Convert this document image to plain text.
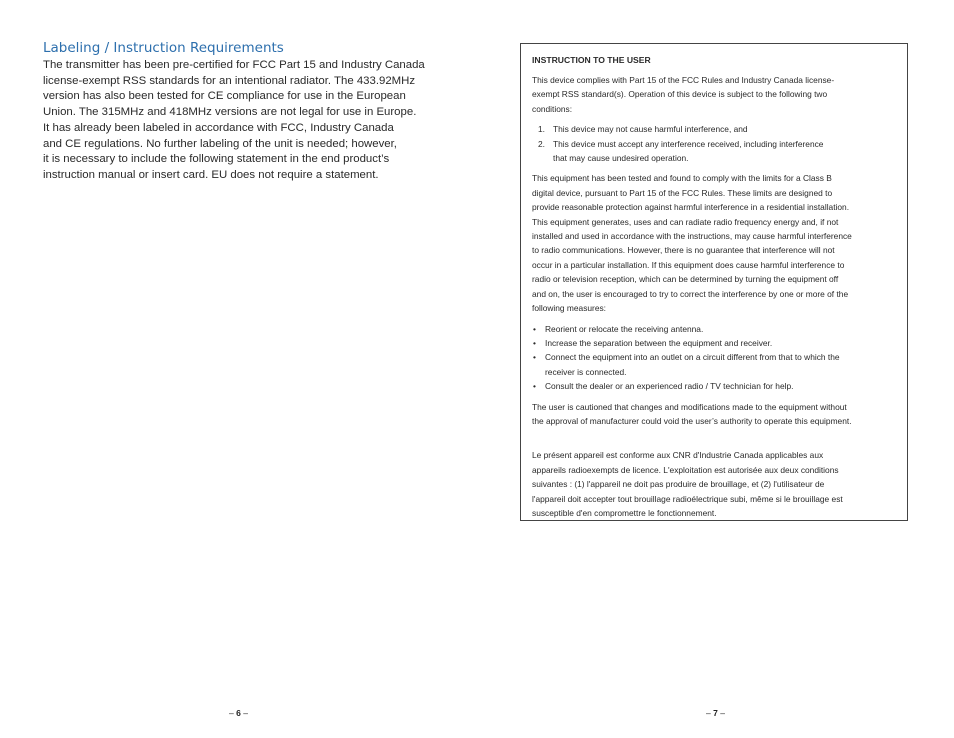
Labeling / Instruction Requirements
The transmitter has been pre-certified for FCC Part 15 and Industry Canada
license-exempt RSS standards for an intentional radiator. The 433.92MHz
version has also been tested for CE compliance for use in the European
Union. The 315MHz and 418MHz versions are not legal for use in Europe.
It has already been labeled in accordance with FCC, Industry Canada
and CE regulations. No further labeling of the unit is needed; however,
it is necessary to include the following statement in the end product’s
instruction manual or insert card. EU does not require a statement.
– 6 –
INSTRUCTION TO THE USER
This device complies with Part 15 of the FCC Rules and Industry Canada license-
exempt RSS standard(s). Operation of this device is subject to the following two
conditions:
1. This device may not cause harmful interference, and
2. This device must accept any interference received, including interference
that may cause undesired operation.
This equipment has been tested and found to comply with the limits for a Class B
digital device, pursuant to Part 15 of the FCC Rules. These limits are designed to
provide reasonable protection against harmful interference in a residential installation.
This equipment generates, uses and can radiate radio frequency energy and, if not
installed and used in accordance with the instructions, may cause harmful interference
to radio communications. However, there is no guarantee that interference will not
occur in a particular installation. If this equipment does cause harmful interference to
radio or television reception, which can be determined by turning the equipment off
and on, the user is encouraged to try to correct the interference by one or more of the
following measures:
• Reorient or relocate the receiving antenna.
• Increase the separation between the equipment and receiver.
• Connect the equipment into an outlet on a circuit different from that to which the
receiver is connected.
• Consult the dealer or an experienced radio / TV technician for help.
The user is cautioned that changes and modifications made to the equipment without
the approval of manufacturer could void the user’s authority to operate this equipment.
Le présent appareil est conforme aux CNR d'Industrie Canada applicables aux
appareils radioexempts de licence. L'exploitation est autorisée aux deux conditions
suivantes : (1) l'appareil ne doit pas produire de brouillage, et (2) l'utilisateur de
l'appareil doit accepter tout brouillage radioélectrique subi, même si le brouillage est
susceptible d'en compromettre le fonctionnement.
– 7 –
